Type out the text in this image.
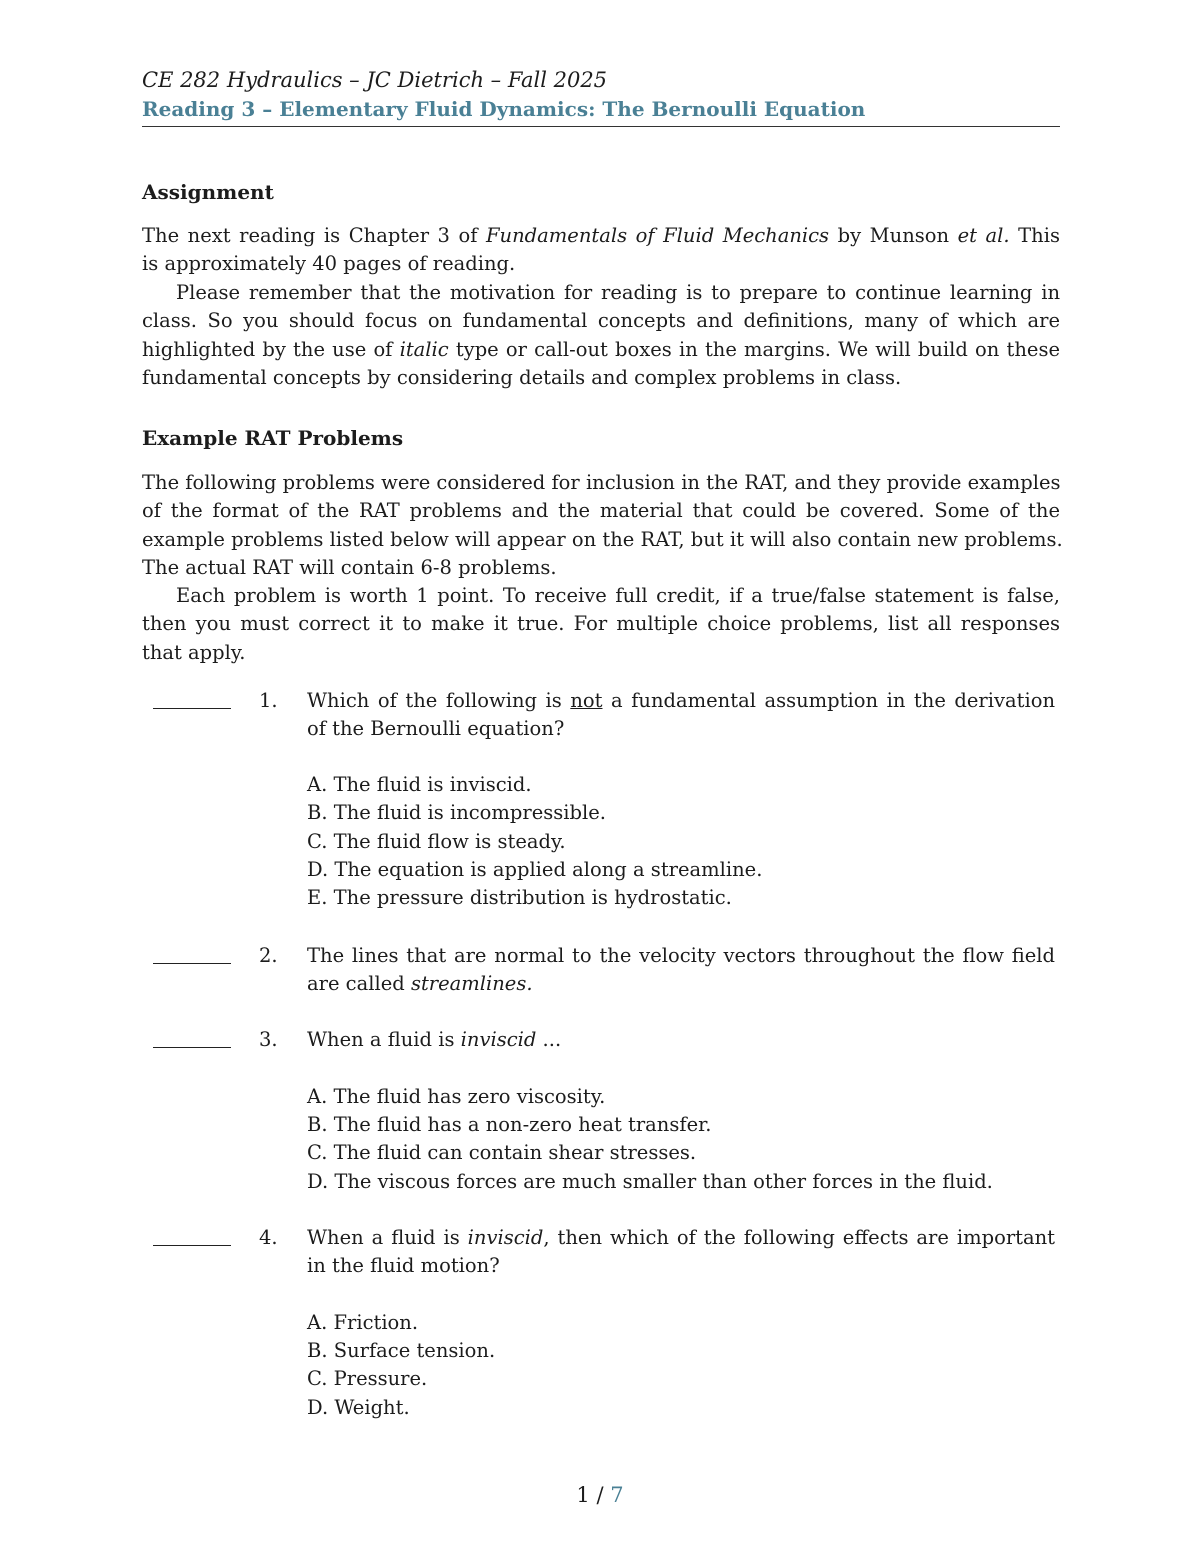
CE 282 Hydraulics – JC Dietrich – Fall 2025
Reading 3 – Elementary Fluid Dynamics: The Bernoulli Equation
Assignment
The next reading is Chapter 3 of Fundamentals of Fluid Mechanics by Munson et al. This
is approximately 40 pages of reading.
Please remember that the motivation for reading is to prepare to continue learning in
class. So you should focus on fundamental concepts and definitions, many of which are
highlighted by the use of italic type or call-out boxes in the margins. We will build on these
fundamental concepts by considering details and complex problems in class.
Example RAT Problems
The following problems were considered for inclusion in the RAT, and they provide examples
of the format of the RAT problems and the material that could be covered. Some of the
example problems listed below will appear on the RAT, but it will also contain new problems.
The actual RAT will contain 6-8 problems.
Each problem is worth 1 point. To receive full credit, if a true/false statement is false,
then you must correct it to make it true. For multiple choice problems, list all responses
that apply.
1. Which of the following is not a fundamental assumption in the derivation
of the Bernoulli equation?
A. The fluid is inviscid.
B. The fluid is incompressible.
C. The fluid flow is steady.
D. The equation is applied along a streamline.
E. The pressure distribution is hydrostatic.
2. The lines that are normal to the velocity vectors throughout the flow field
are called streamlines.
3. When a fluid is inviscid ...
A. The fluid has zero viscosity.
B. The fluid has a non-zero heat transfer.
C. The fluid can contain shear stresses.
D. The viscous forces are much smaller than other forces in the fluid.
4. When a fluid is inviscid, then which of the following effects are important
in the fluid motion?
A. Friction.
B. Surface tension.
C. Pressure.
D. Weight.
1 / 7
